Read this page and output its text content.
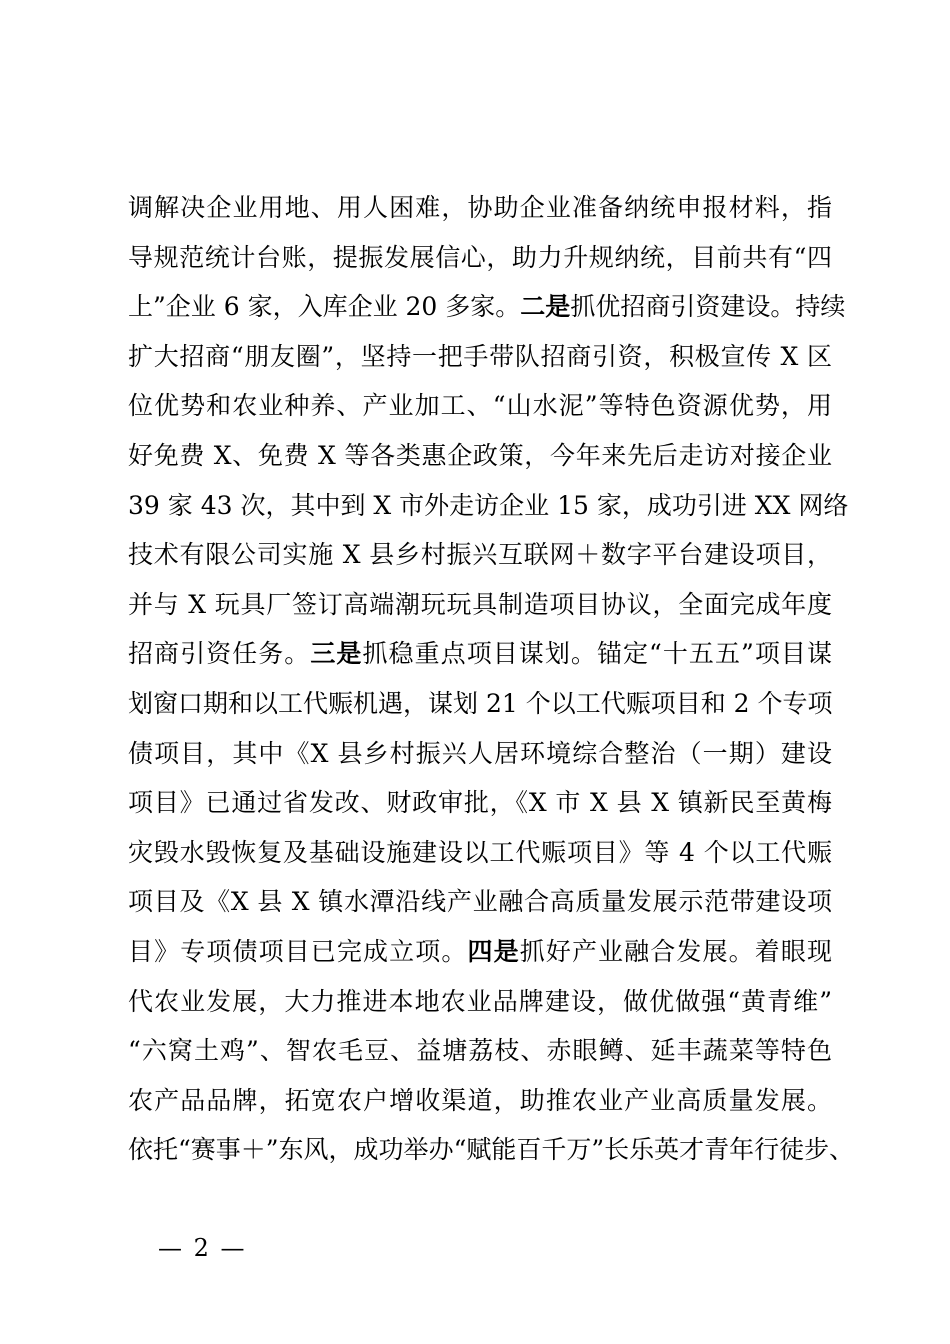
调解决企业用地、用人困难，协助企业准备纳统申报材料，指
导规范统计台账，提振发展信心，助力升规纳统，目前共有“四
上”企业 6 家，入库企业 20 多家。二是抓优招商引资建设。持续
扩大招商“朋友圈”，坚持一把手带队招商引资，积极宣传 X 区
位优势和农业种养、产业加工、“山水泥”等特色资源优势，用
好免费 X、免费 X 等各类惠企政策，今年来先后走访对接企业
39 家 43 次，其中到 X 市外走访企业 15 家，成功引进 XX 网络
技术有限公司实施 X 县乡村振兴互联网＋数字平台建设项目，
并与 X 玩具厂签订高端潮玩玩具制造项目协议，全面完成年度
招商引资任务。三是抓稳重点项目谋划。锚定“十五五”项目谋
划窗口期和以工代赈机遇，谋划 21 个以工代赈项目和 2 个专项
债项目，其中《X 县乡村振兴人居环境综合整治（一期）建设
项目》已通过省发改、财政审批，《X 市 X 县 X 镇新民至黄梅
灾毁水毁恢复及基础设施建设以工代赈项目》等 4 个以工代赈
项目及《X 县 X 镇水潭沿线产业融合高质量发展示范带建设项
目》专项债项目已完成立项。四是抓好产业融合发展。着眼现
代农业发展，大力推进本地农业品牌建设，做优做强“黄青维”
“六窝土鸡”、智农毛豆、益塘荔枝、赤眼鳟、延丰蔬菜等特色
农产品品牌，拓宽农户增收渠道，助推农业产业高质量发展。
依托“赛事＋”东风，成功举办“赋能百千万”长乐英才青年行徒步、
— 2 —
